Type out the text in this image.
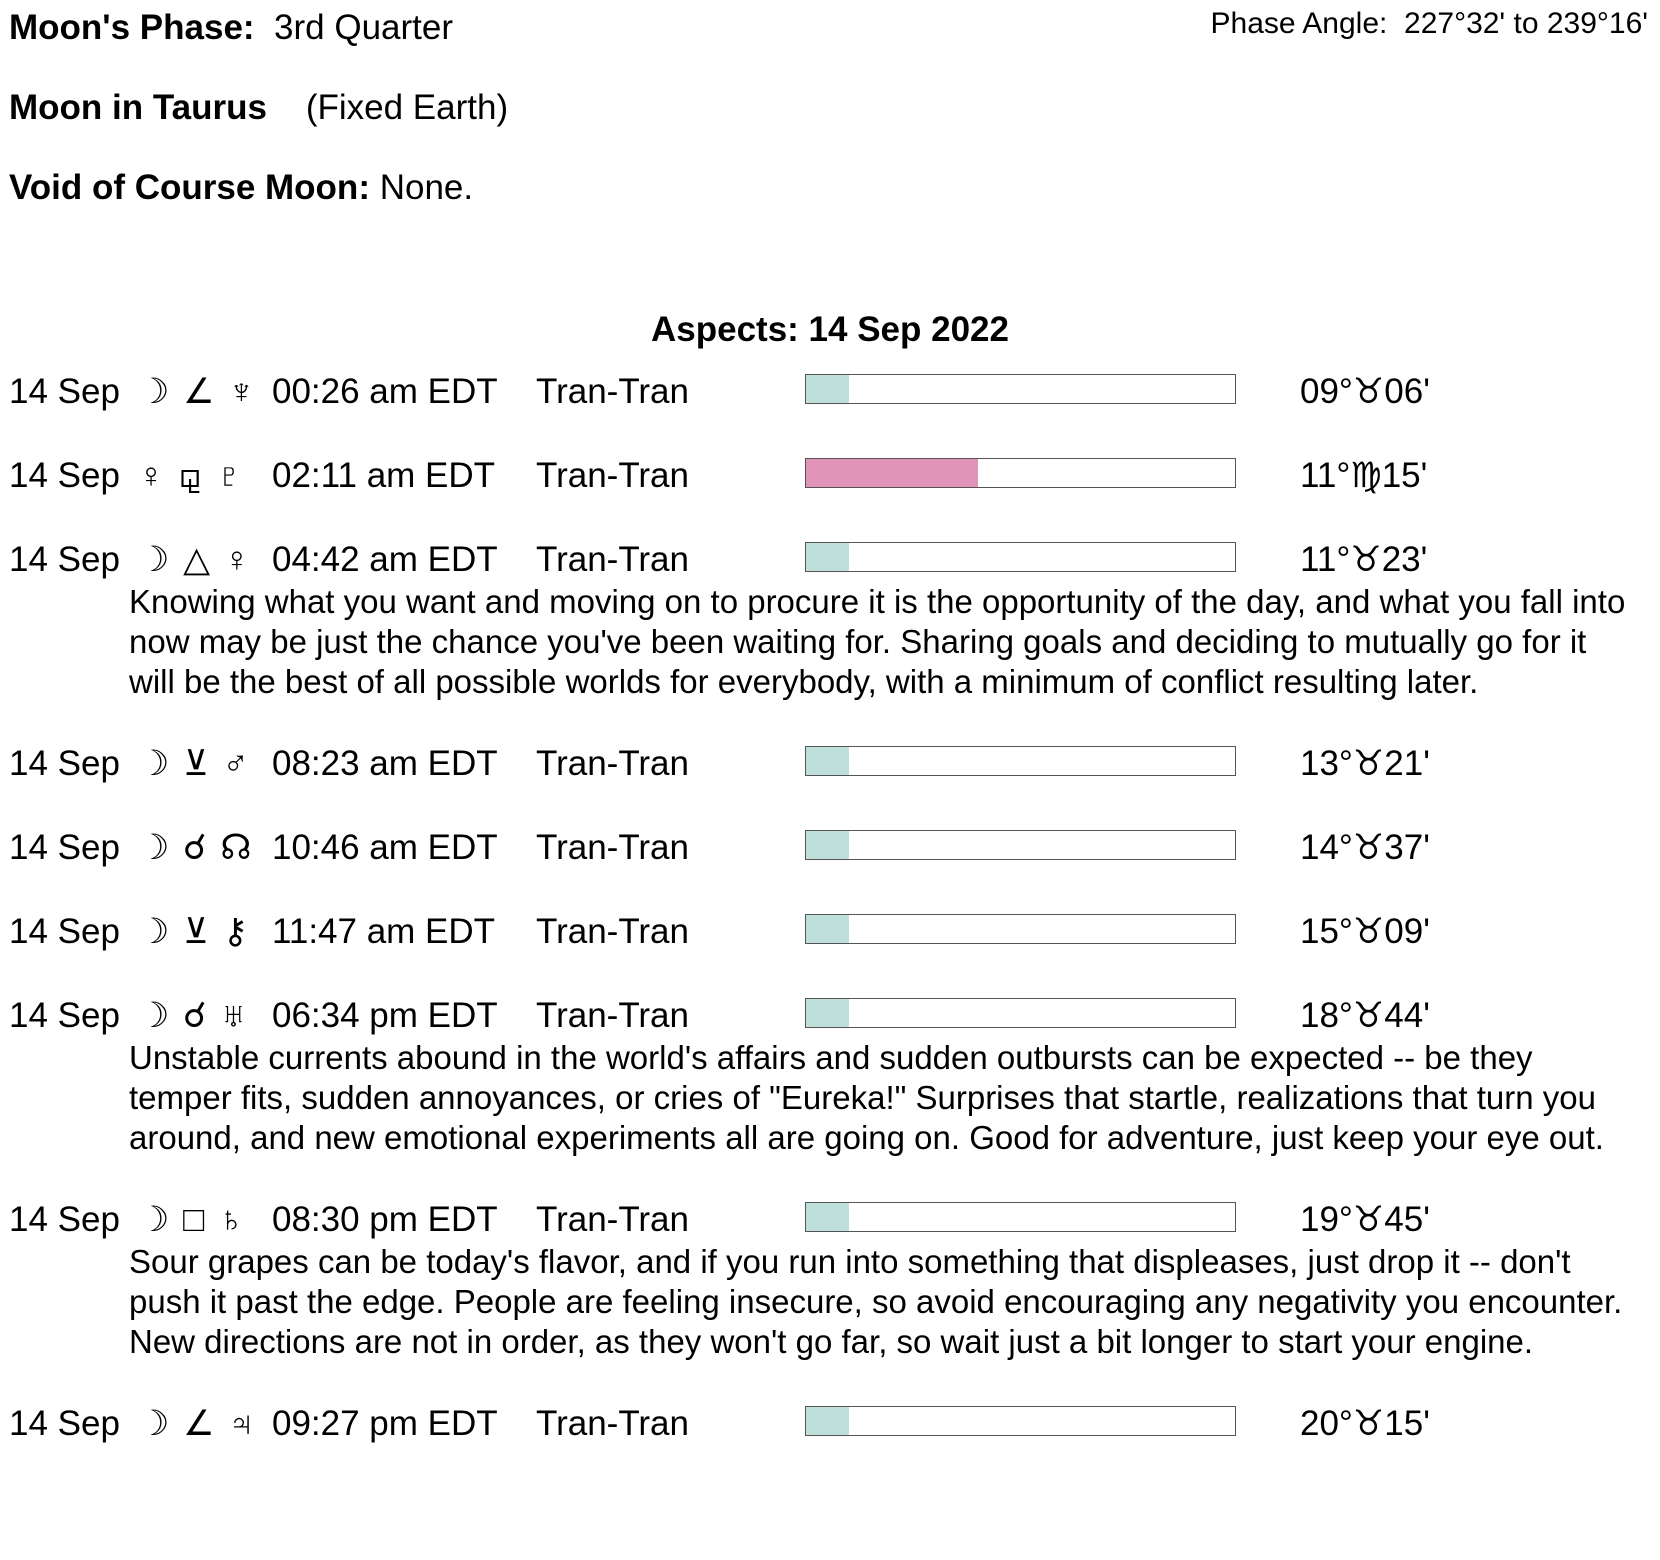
Moon's Phase: 3rd Quarter	Phase Angle: 227°32' to 239°16'
Moon in Taurus (Fixed Earth)
Void of Course Moon: None.
Aspects: 14 Sep 2022
14 Sep ☽ ∠ ♆ 00:26 am EDT Tran-Tran	09°♉06'
14 Sep ♀ ⚼ ♇ 02:11 am EDT Tran-Tran	11°♍15'
14 Sep ☽ △ ♀ 04:42 am EDT Tran-Tran	11°♉23'
Knowing what you want and moving on to procure it is the opportunity of the day, and what you fall into now may be just the chance you've been waiting for. Sharing goals and deciding to mutually go for it will be the best of all possible worlds for everybody, with a minimum of conflict resulting later.
14 Sep ☽ ⊻ ♂ 08:23 am EDT Tran-Tran	13°♉21'
14 Sep ☽ ☌ ☊ 10:46 am EDT Tran-Tran	14°♉37'
14 Sep ☽ ⊻ ⚷ 11:47 am EDT Tran-Tran	15°♉09'
14 Sep ☽ ☌ ♅ 06:34 pm EDT Tran-Tran	18°♉44'
Unstable currents abound in the world's affairs and sudden outbursts can be expected -- be they temper fits, sudden annoyances, or cries of "Eureka!" Surprises that startle, realizations that turn you around, and new emotional experiments all are going on. Good for adventure, just keep your eye out.
14 Sep ☽ □ ♄ 08:30 pm EDT Tran-Tran	19°♉45'
Sour grapes can be today's flavor, and if you run into something that displeases, just drop it -- don't push it past the edge. People are feeling insecure, so avoid encouraging any negativity you encounter. New directions are not in order, as they won't go far, so wait just a bit longer to start your engine.
14 Sep ☽ ∠ ♃ 09:27 pm EDT Tran-Tran	20°♉15'
